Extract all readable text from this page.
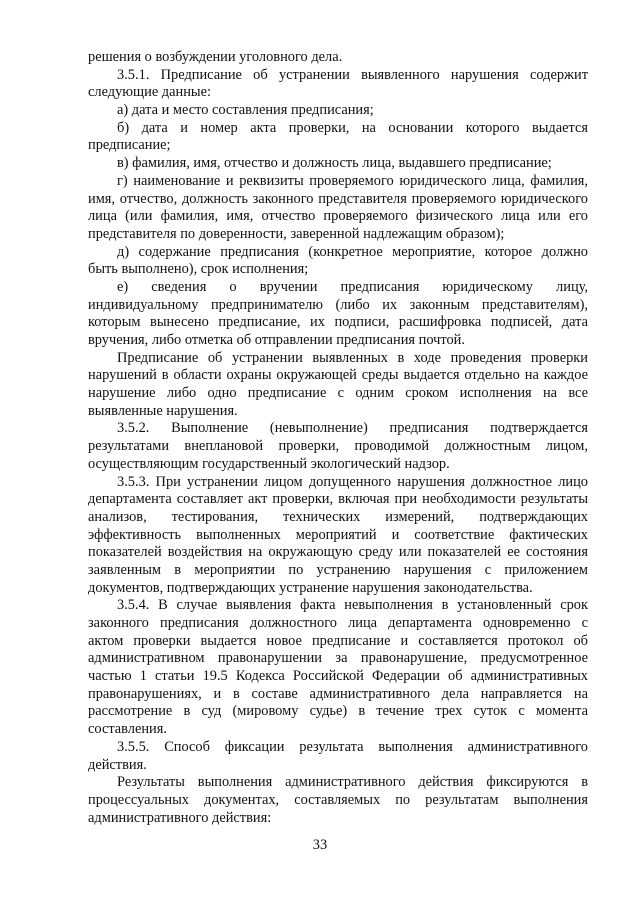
решения о возбуждении уголовного дела.
3.5.1. Предписание об устранении выявленного нарушения содержит
следующие данные:
а) дата и место составления предписания;
б) дата и номер акта проверки, на основании которого выдается
предписание;
в) фамилия, имя, отчество и должность лица, выдавшего предписание;
г) наименование и реквизиты проверяемого юридического лица, фамилия,
имя, отчество, должность законного представителя проверяемого юридического
лица (или фамилия, имя, отчество проверяемого физического лица или его
представителя по доверенности, заверенной надлежащим образом);
д) содержание предписания (конкретное мероприятие, которое должно
быть выполнено), срок исполнения;
е) сведения о вручении предписания юридическому лицу,
индивидуальному предпринимателю (либо их законным представителям),
которым вынесено предписание, их подписи, расшифровка подписей, дата
вручения, либо отметка об отправлении предписания почтой.
Предписание об устранении выявленных в ходе проведения проверки
нарушений в области охраны окружающей среды выдается отдельно на каждое
нарушение либо одно предписание с одним сроком исполнения на все
выявленные нарушения.
3.5.2. Выполнение (невыполнение) предписания подтверждается
результатами внеплановой проверки, проводимой должностным лицом,
осуществляющим государственный экологический надзор.
3.5.3. При устранении лицом допущенного нарушения должностное лицо
департамента составляет акт проверки, включая при необходимости результаты
анализов, тестирования, технических измерений, подтверждающих
эффективность выполненных мероприятий и соответствие фактических
показателей воздействия на окружающую среду или показателей ее состояния
заявленным в мероприятии по устранению нарушения с приложением
документов, подтверждающих устранение нарушения законодательства.
3.5.4. В случае выявления факта невыполнения в установленный срок
законного предписания должностного лица департамента одновременно с
актом проверки выдается новое предписание и составляется протокол об
административном правонарушении за правонарушение, предусмотренное
частью 1 статьи 19.5 Кодекса Российской Федерации об административных
правонарушениях, и в составе административного дела направляется на
рассмотрение в суд (мировому судье) в течение трех суток с момента
составления.
3.5.5. Способ фиксации результата выполнения административного
действия.
Результаты выполнения административного действия фиксируются в
процессуальных документах, составляемых по результатам выполнения
административного действия:
33
